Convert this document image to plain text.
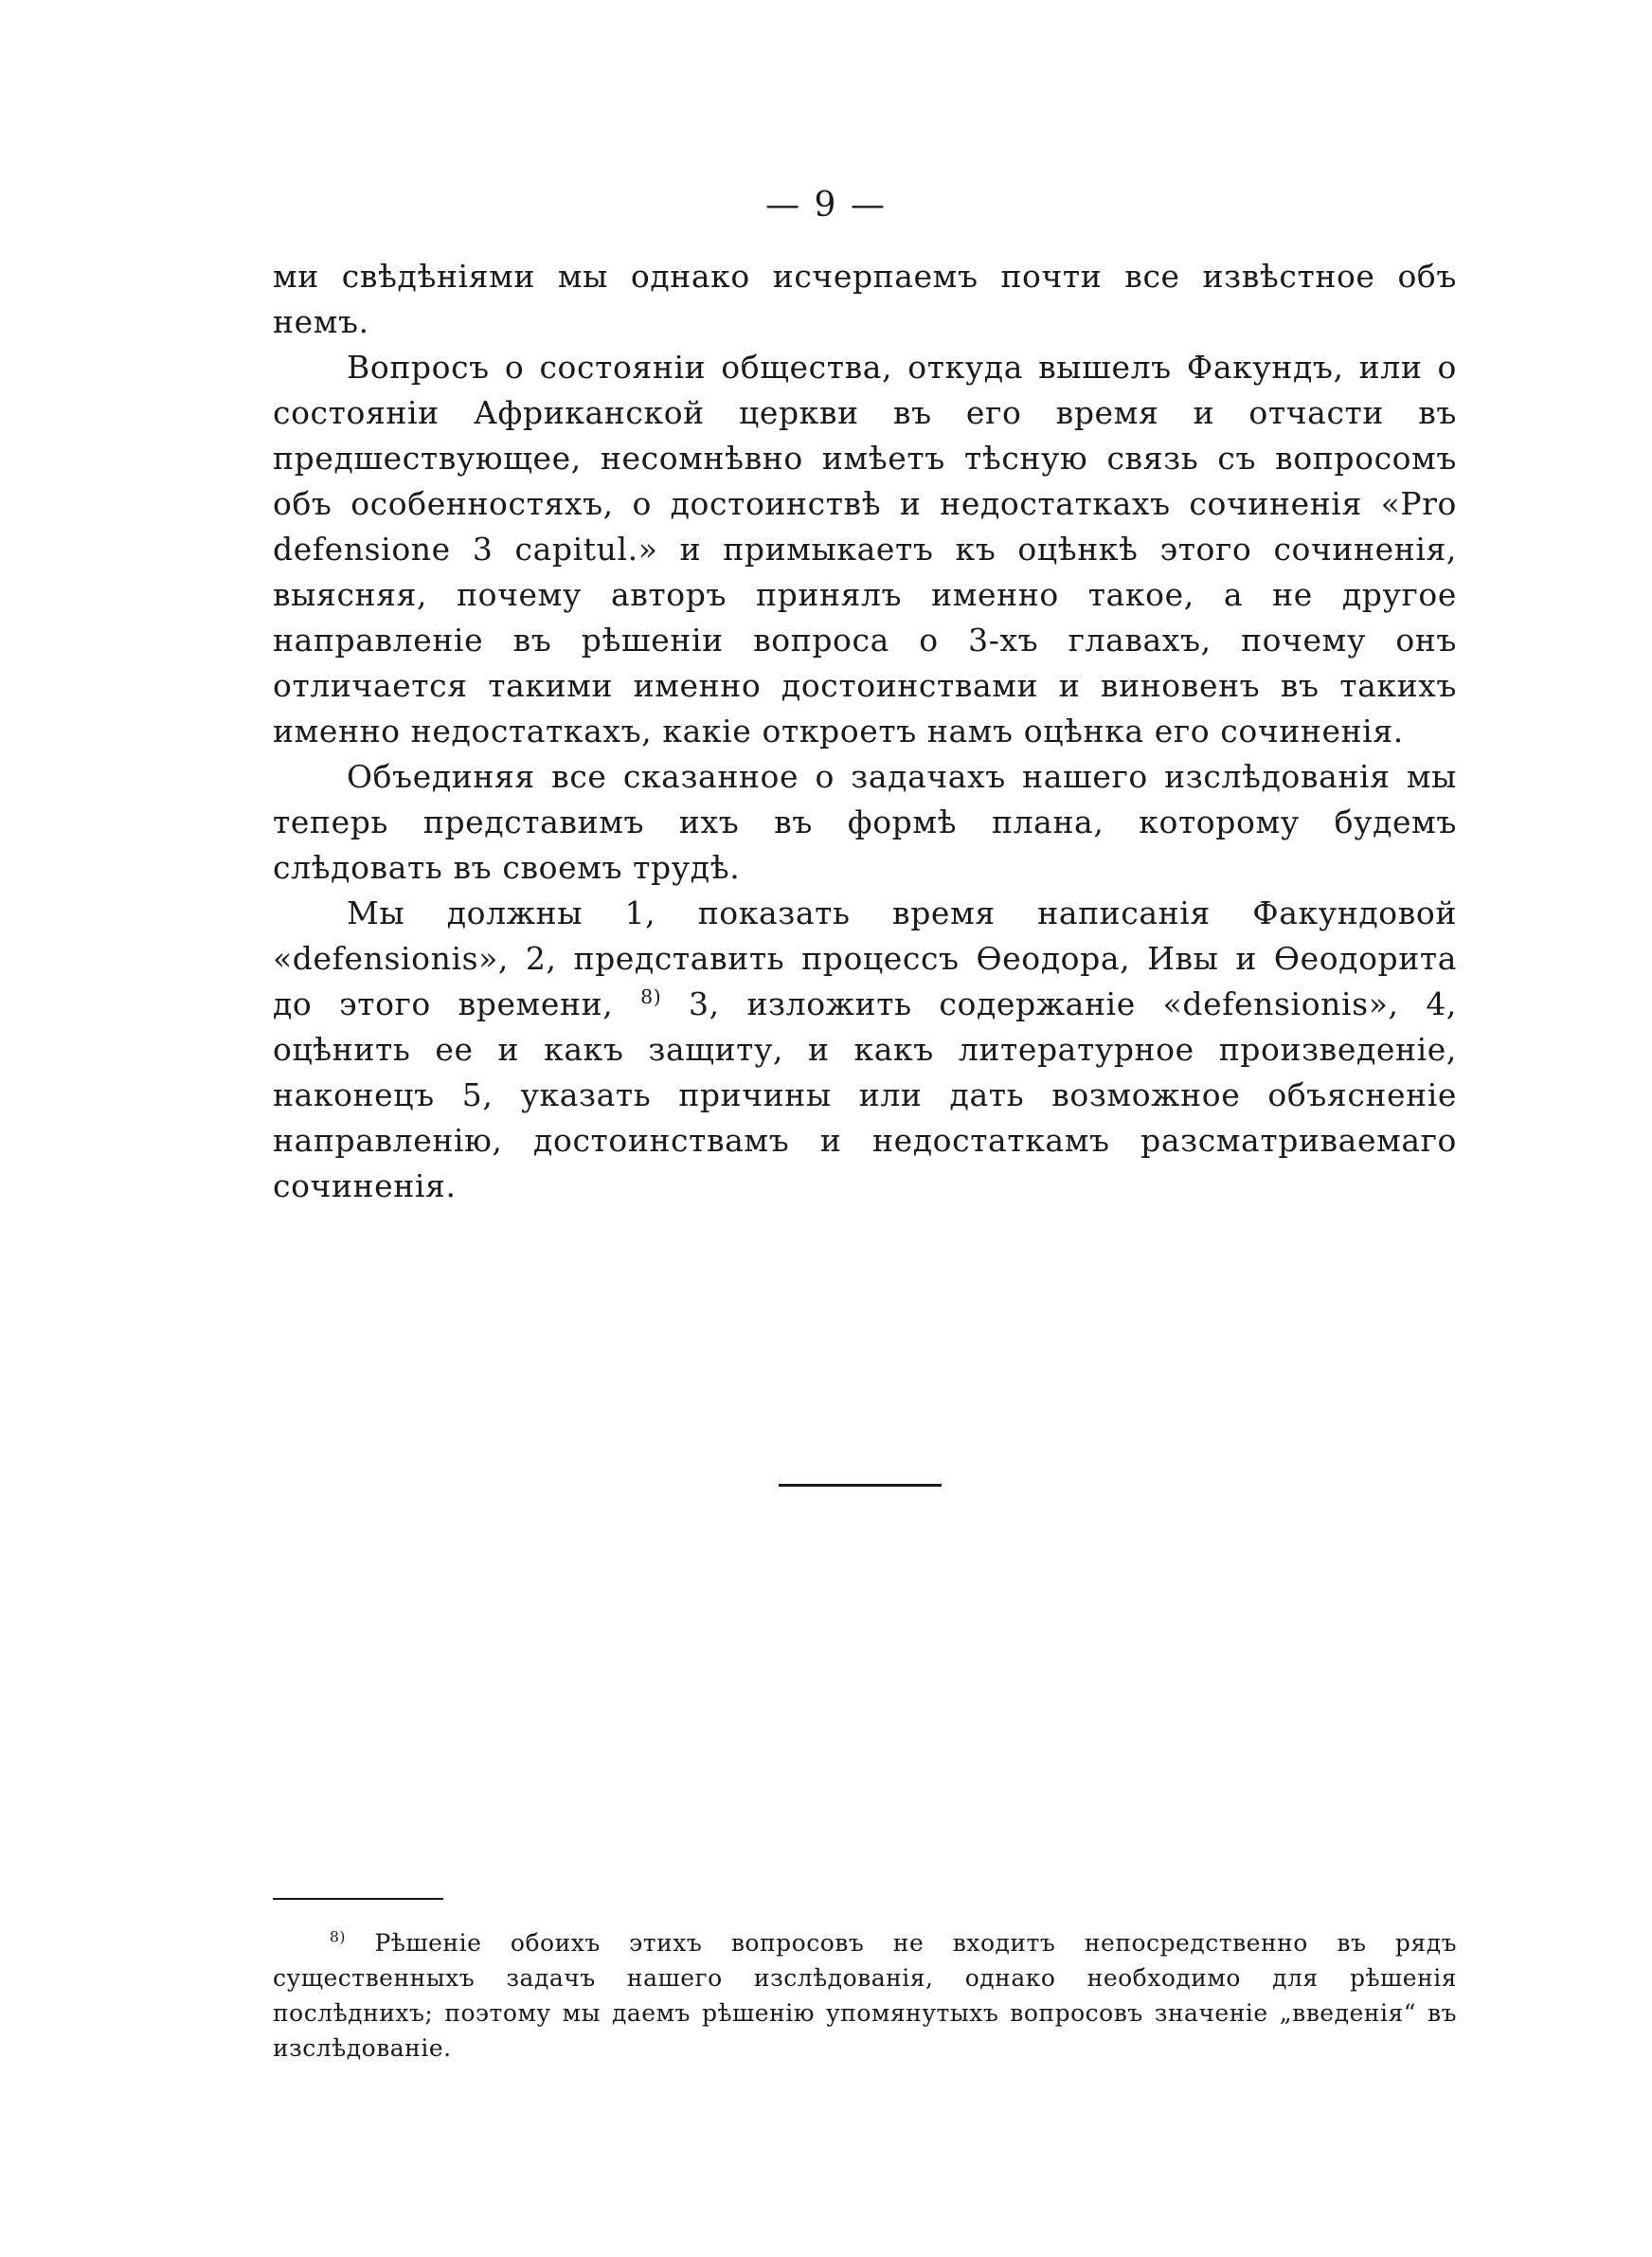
— 9 —

ми свѣдѣніями мы однако исчерпаемъ почти все извѣстное объ немъ.

Вопросъ о состояніи общества, откуда вышелъ Факундъ, или о состояніи Африканской церкви въ его время и отчасти въ предшествующее, несомнѣвно имѣетъ тѣсную связь съ вопросомъ объ особенностяхъ, о достоинствѣ и недостаткахъ сочиненія «Pro defensione 3 capitul.» и примыкаетъ къ оцѣнкѣ этого сочиненія, выясняя, почему авторъ принялъ именно такое, а не другое направленіе въ рѣшеніи вопроса о 3-хъ главахъ, почему онъ отличается такими именно достоинствами и виновенъ въ такихъ именно недостаткахъ, какіе откроетъ намъ оцѣнка его сочиненія.

Объединяя все сказанное о задачахъ нашего изслѣдованія мы теперь представимъ ихъ въ формѣ плана, которому будемъ слѣдовать въ своемъ трудѣ.

Мы должны 1, показать время написанія Факундовой «defensionis», 2, представить процессъ Ѳеодора, Ивы и Ѳеодорита до этого времени, $^{8)}$ 3, изложить содержаніе «defensionis», 4, оцѣнить ее и какъ защиту, и какъ литературное произведеніе, наконецъ 5, указать причины или дать возможное объясненіе направленію, достоинствамъ и недостаткамъ разсматриваемаго сочиненія.

$^{8)}$ Рѣшеніе обоихъ этихъ вопросовъ не входитъ непосредственно въ рядъ существенныхъ задачъ нашего изслѣдованія, однако необходимо для рѣшенія послѣднихъ; поэтому мы даемъ рѣшенію упомянутыхъ вопросовъ значеніе „введенія“ въ изслѣдованіе.
